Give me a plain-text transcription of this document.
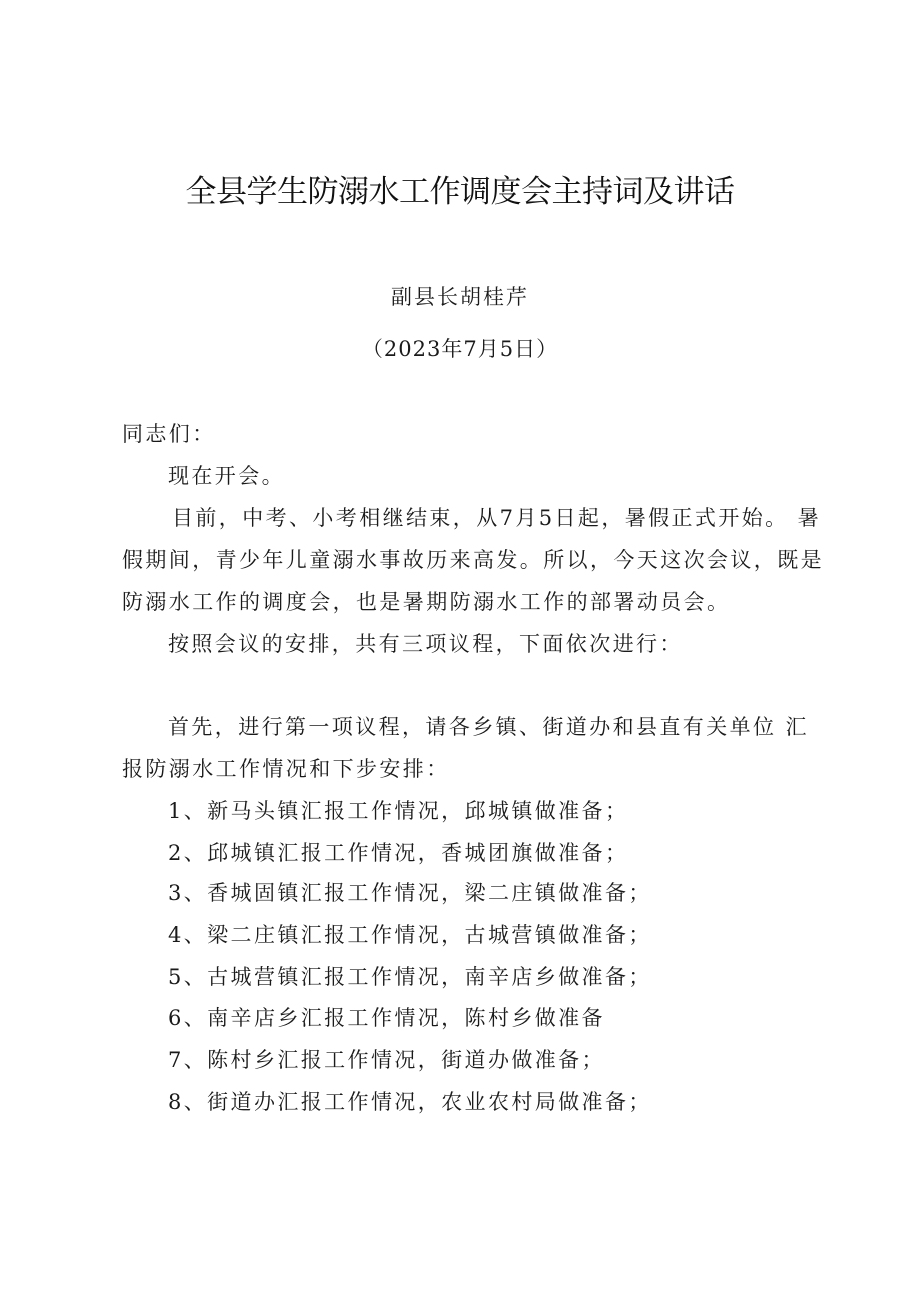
全县学生防溺水工作调度会主持词及讲话
副县长胡桂芹
（2023年7月5日）
同志们：
现在开会。
目前，中考、小考相继结束，从7月5日起，暑假正式开始。 暑
假期间，青少年儿童溺水事故历来高发。所以，今天这次会议，既是
防溺水工作的调度会，也是暑期防溺水工作的部署动员会。
按照会议的安排，共有三项议程，下面依次进行：
首先，进行第一项议程，请各乡镇、街道办和县直有关单位 汇
报防溺水工作情况和下步安排：
1、新马头镇汇报工作情况，邱城镇做准备；
2、邱城镇汇报工作情况，香城团旗做准备；
3、香城固镇汇报工作情况，梁二庄镇做准备；
4、梁二庄镇汇报工作情况，古城营镇做准备；
5、古城营镇汇报工作情况，南辛店乡做准备；
6、南辛店乡汇报工作情况，陈村乡做准备
7、陈村乡汇报工作情况，街道办做准备；
8、街道办汇报工作情况，农业农村局做准备；
